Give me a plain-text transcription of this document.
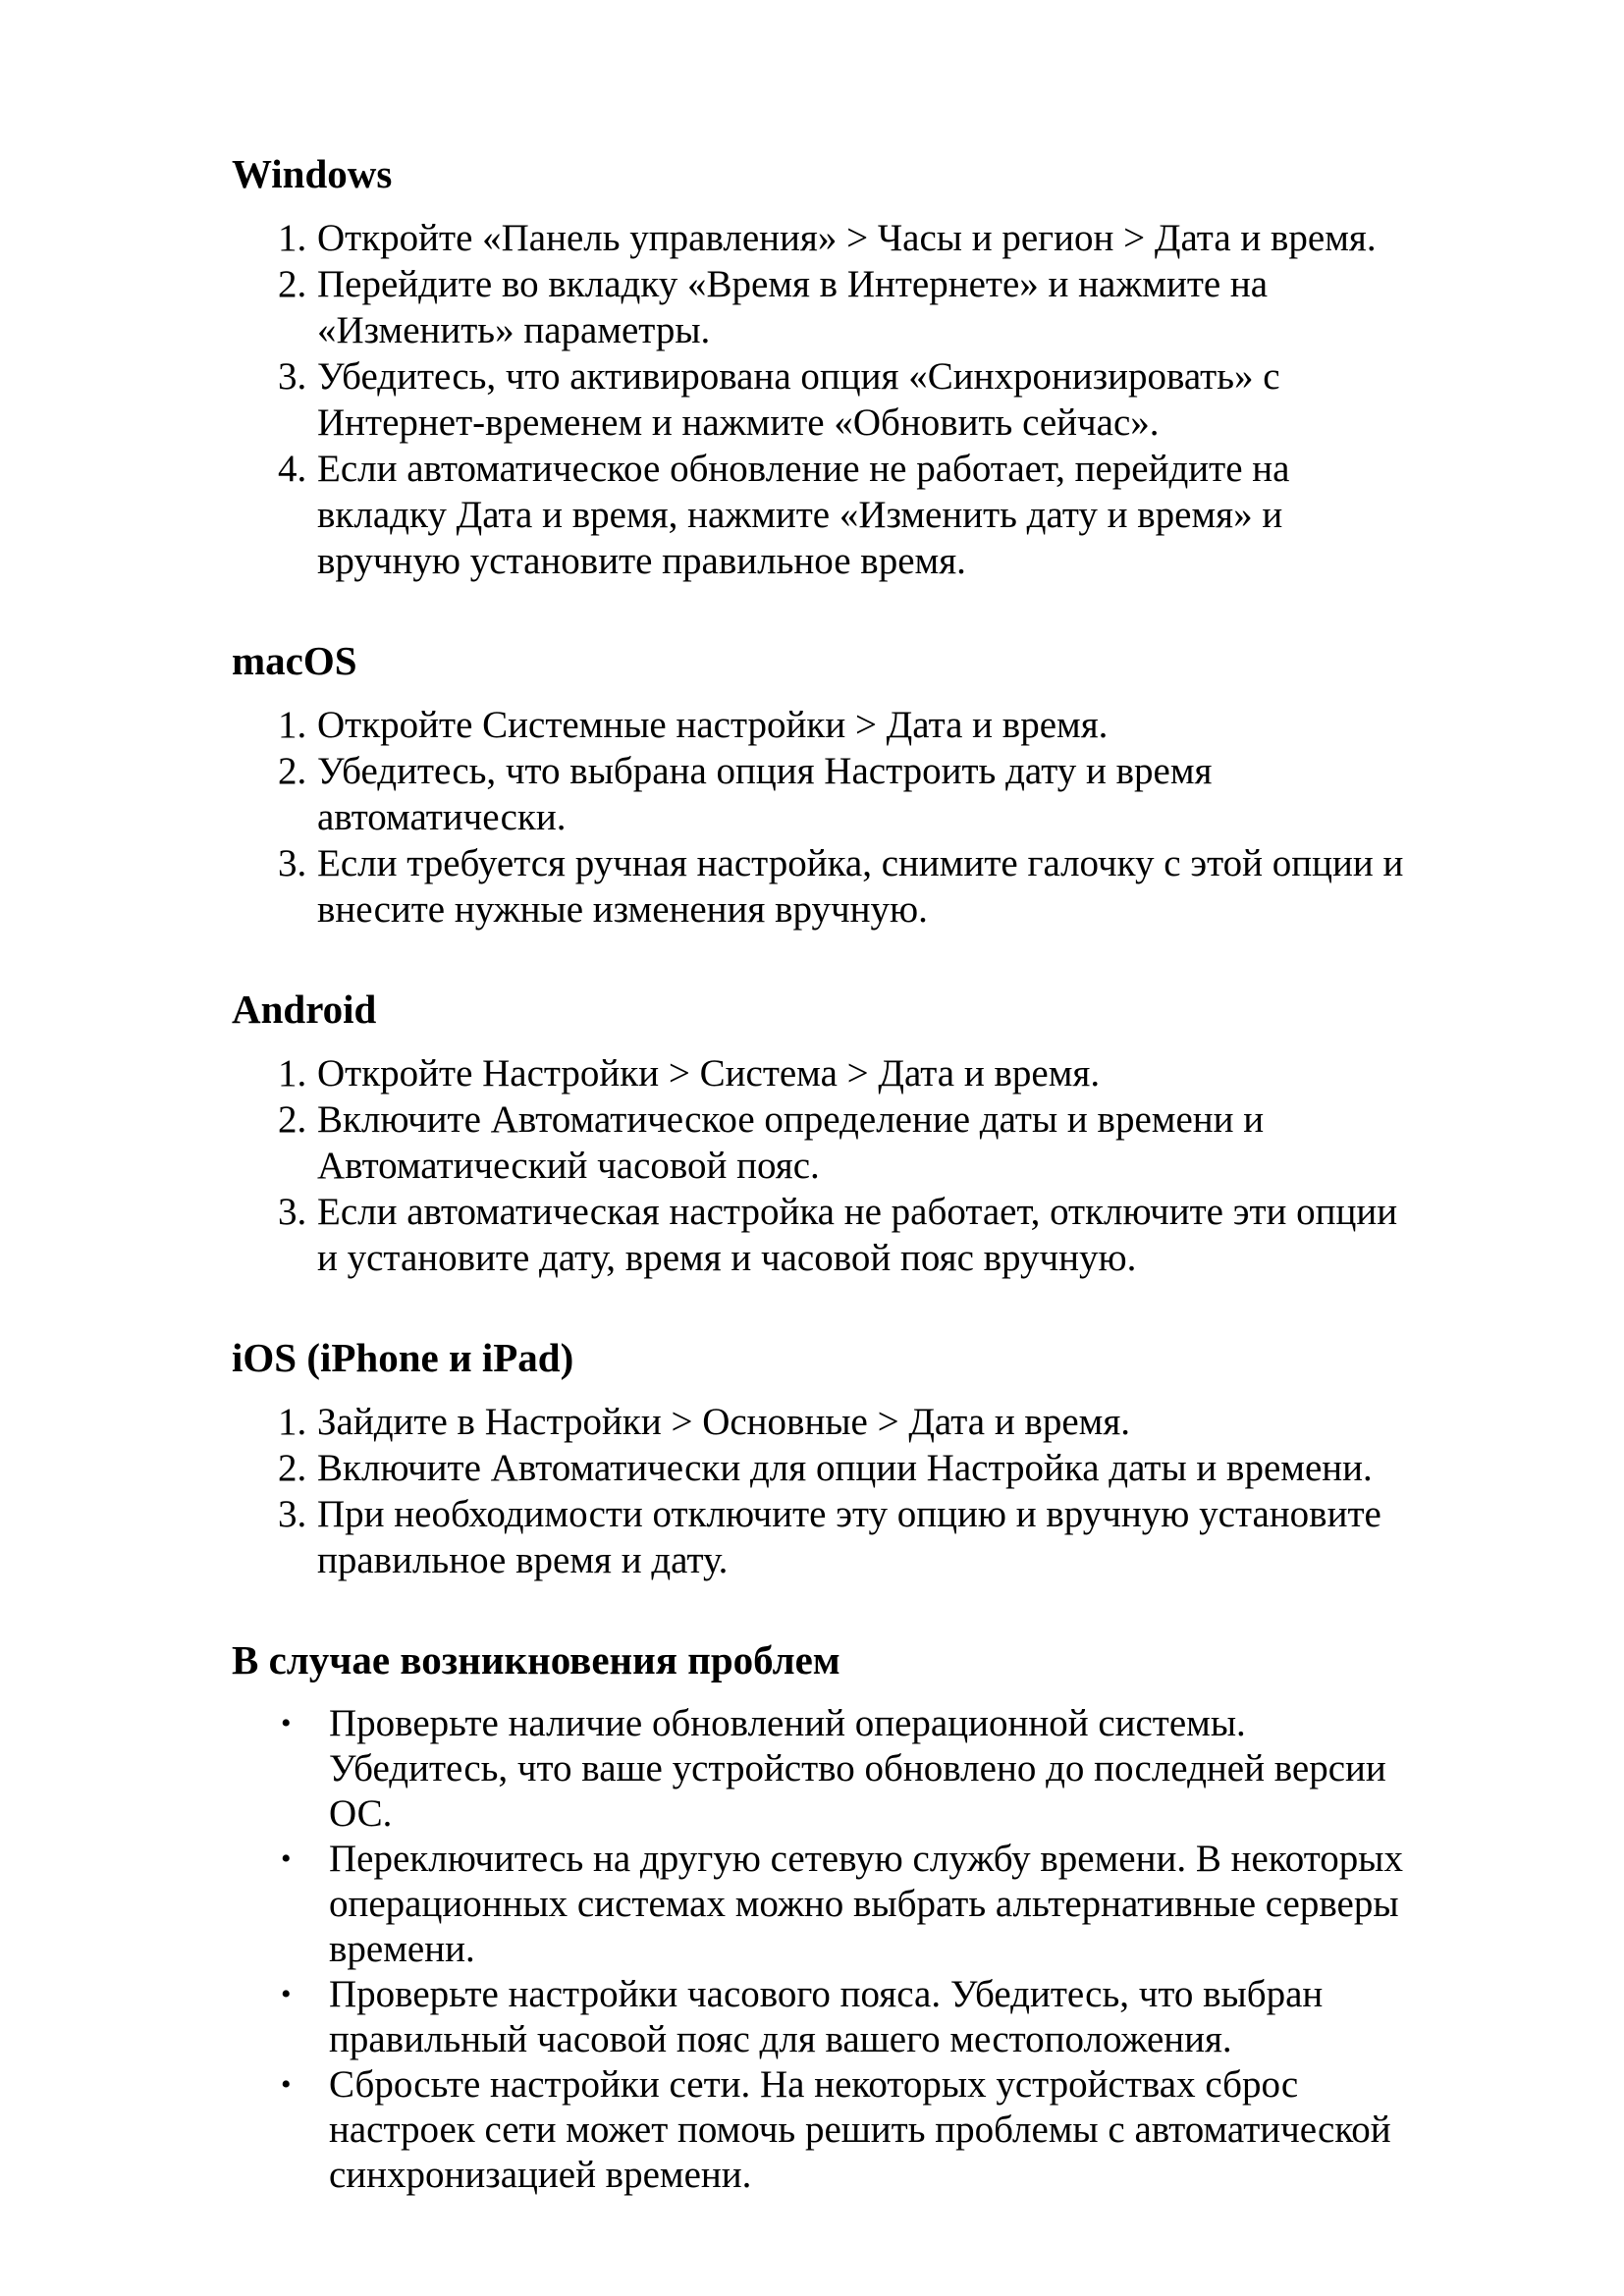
Windows
1. Откройте «Панель управления» > Часы и регион > Дата и время.
2. Перейдите во вкладку «Время в Интернете» и нажмите на «Изменить» параметры.
3. Убедитесь, что активирована опция «Синхронизировать» с Интернет-временем и нажмите «Обновить сейчас».
4. Если автоматическое обновление не работает, перейдите на вкладку Дата и время, нажмите «Изменить дату и время» и вручную установите правильное время.
macOS
1. Откройте Системные настройки > Дата и время.
2. Убедитесь, что выбрана опция Настроить дату и время автоматически.
3. Если требуется ручная настройка, снимите галочку с этой опции и внесите нужные изменения вручную.
Android
1. Откройте Настройки > Система > Дата и время.
2. Включите Автоматическое определение даты и времени и Автоматический часовой пояс.
3. Если автоматическая настройка не работает, отключите эти опции и установите дату, время и часовой пояс вручную.
iOS (iPhone и iPad)
1. Зайдите в Настройки > Основные > Дата и время.
2. Включите Автоматически для опции Настройка даты и времени.
3. При необходимости отключите эту опцию и вручную установите правильное время и дату.
В случае возникновения проблем
• Проверьте наличие обновлений операционной системы. Убедитесь, что ваше устройство обновлено до последней версии ОС.
• Переключитесь на другую сетевую службу времени. В некоторых операционных системах можно выбрать альтернативные серверы времени.
• Проверьте настройки часового пояса. Убедитесь, что выбран правильный часовой пояс для вашего местоположения.
• Сбросьте настройки сети. На некоторых устройствах сброс настроек сети может помочь решить проблемы с автоматической синхронизацией времени.
